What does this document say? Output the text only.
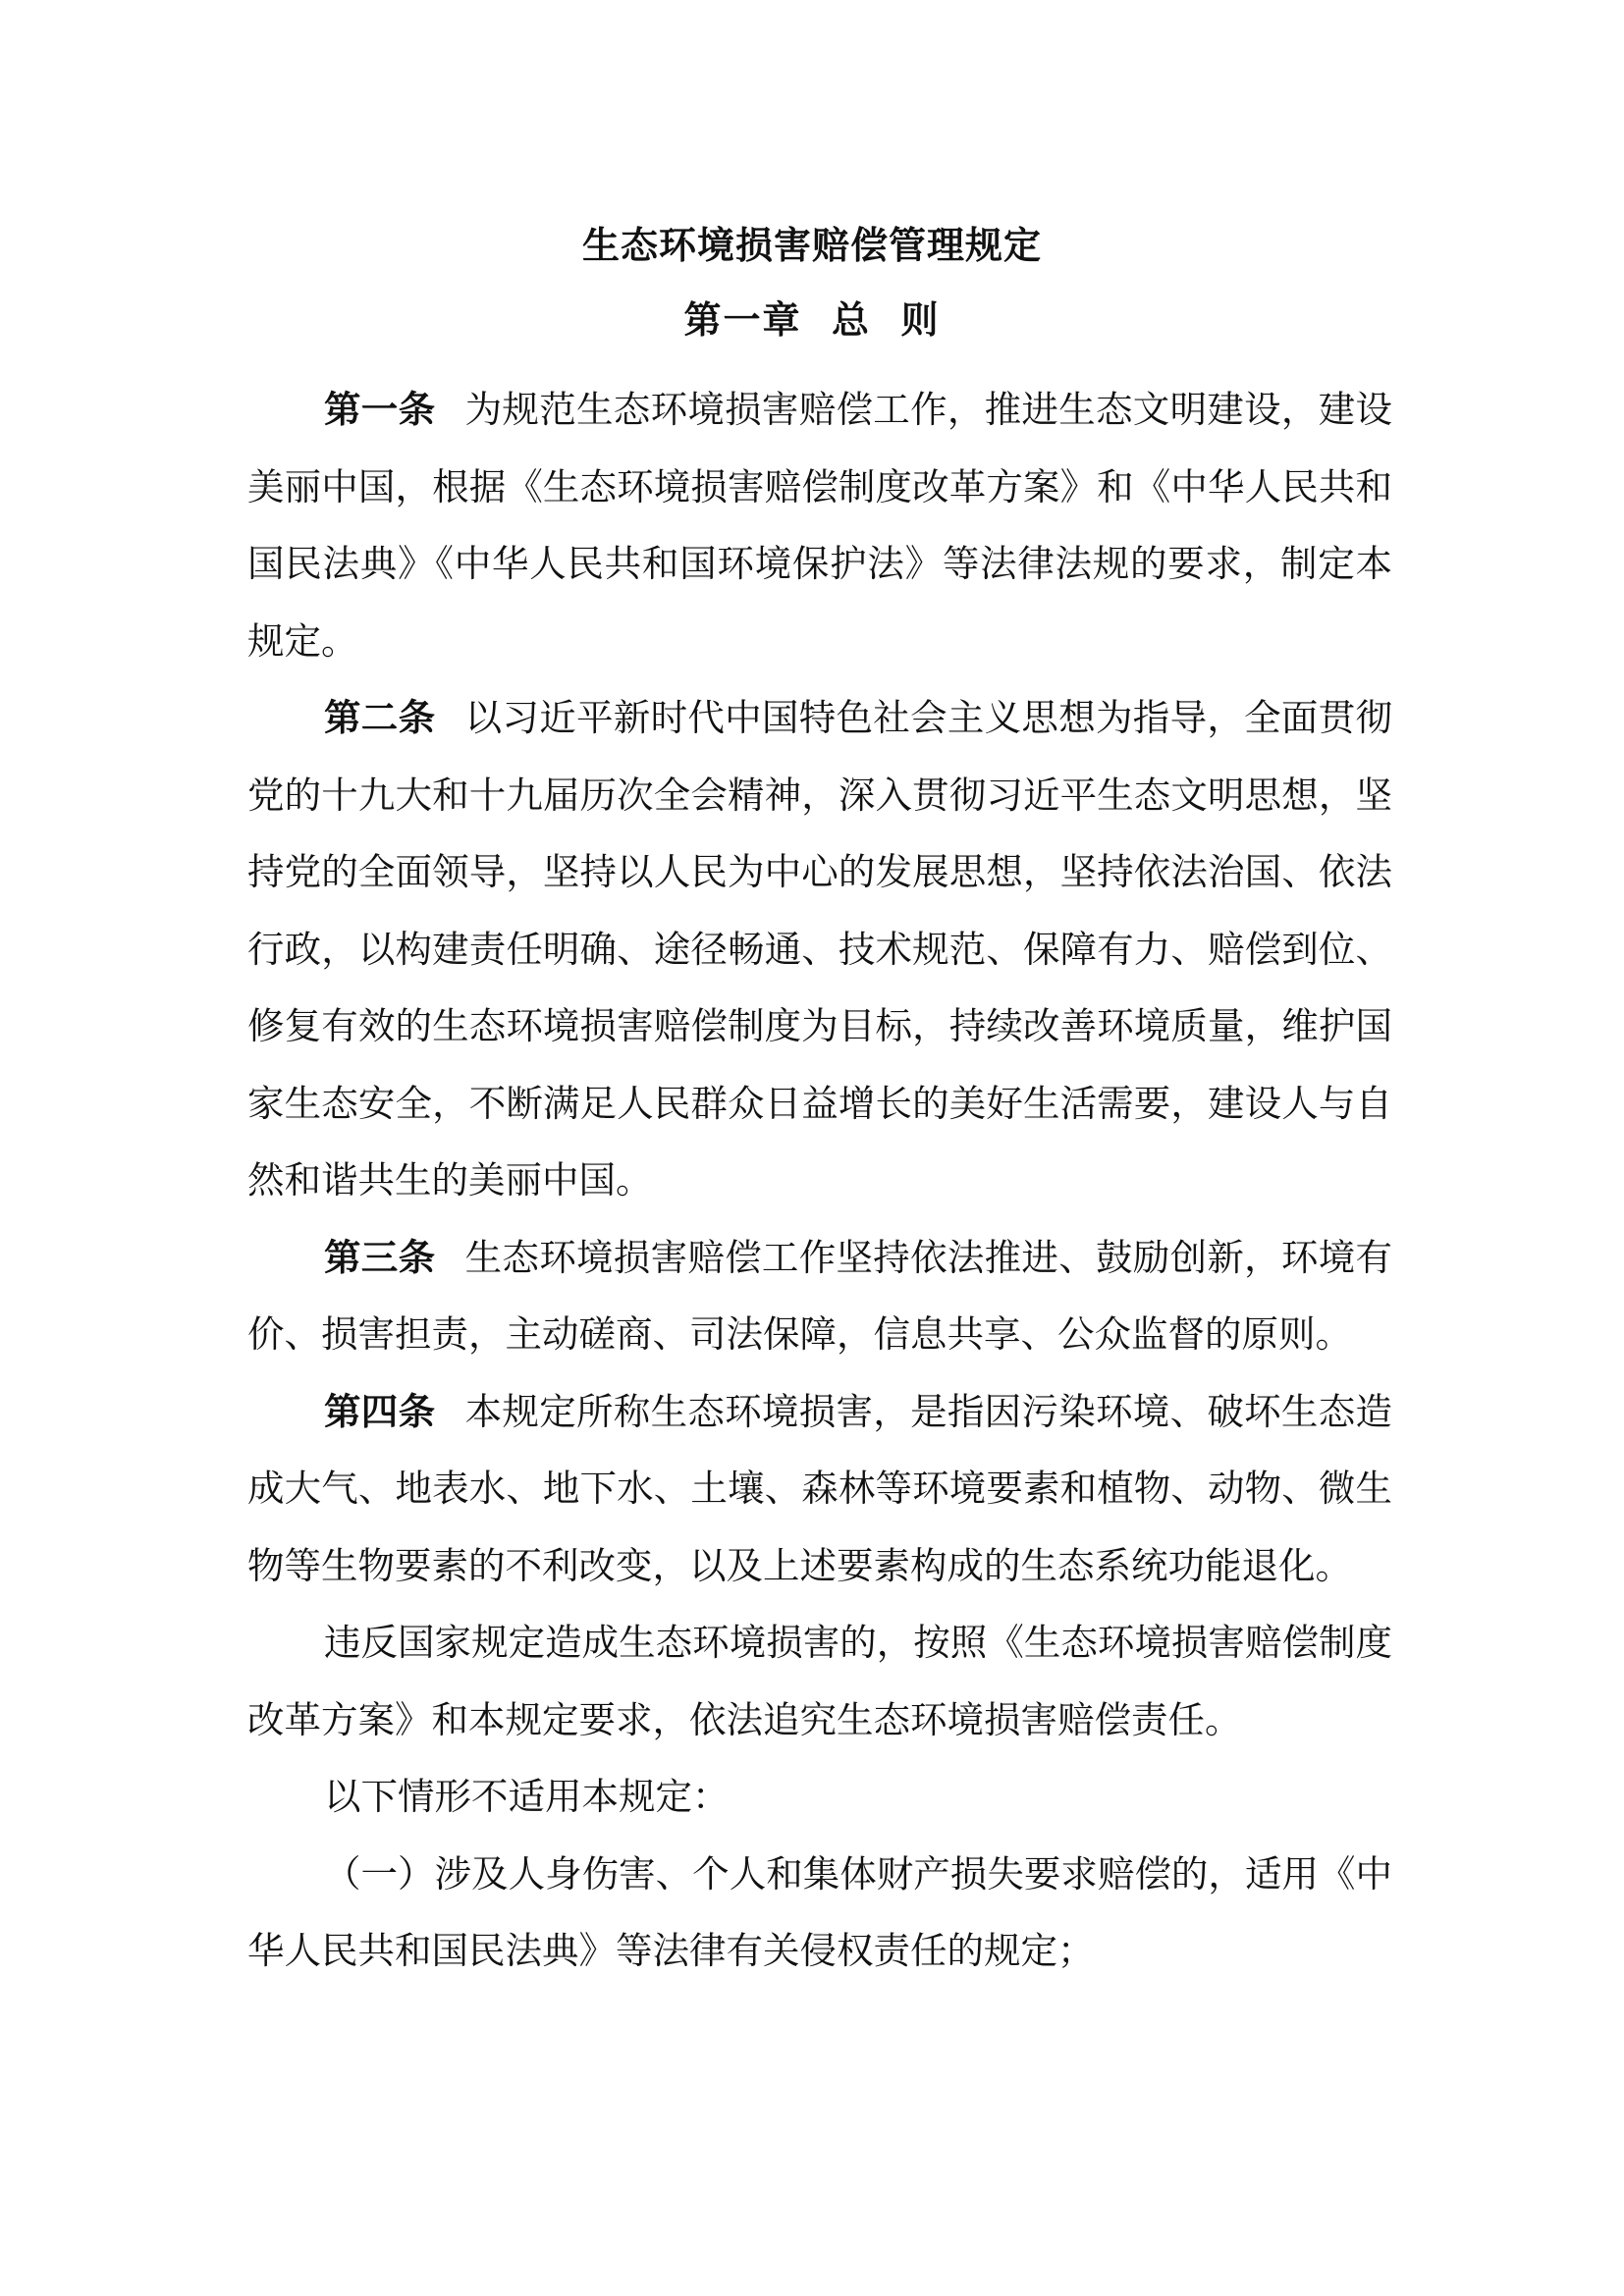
生态环境损害赔偿管理规定
第一章  总  则

第一条 为规范生态环境损害赔偿工作，推进生态文明建设，建设美丽中国，根据《生态环境损害赔偿制度改革方案》和《中华人民共和国民法典》《中华人民共和国环境保护法》等法律法规的要求，制定本规定。

第二条 以习近平新时代中国特色社会主义思想为指导，全面贯彻党的十九大和十九届历次全会精神，深入贯彻习近平生态文明思想，坚持党的全面领导，坚持以人民为中心的发展思想，坚持依法治国、依法行政，以构建责任明确、途径畅通、技术规范、保障有力、赔偿到位、修复有效的生态环境损害赔偿制度为目标，持续改善环境质量，维护国家生态安全，不断满足人民群众日益增长的美好生活需要，建设人与自然和谐共生的美丽中国。

第三条 生态环境损害赔偿工作坚持依法推进、鼓励创新，环境有价、损害担责，主动磋商、司法保障，信息共享、公众监督的原则。

第四条 本规定所称生态环境损害，是指因污染环境、破坏生态造成大气、地表水、地下水、土壤、森林等环境要素和植物、动物、微生物等生物要素的不利改变，以及上述要素构成的生态系统功能退化。

违反国家规定造成生态环境损害的，按照《生态环境损害赔偿制度改革方案》和本规定要求，依法追究生态环境损害赔偿责任。

以下情形不适用本规定：

（一）涉及人身伤害、个人和集体财产损失要求赔偿的，适用《中华人民共和国民法典》等法律有关侵权责任的规定；
